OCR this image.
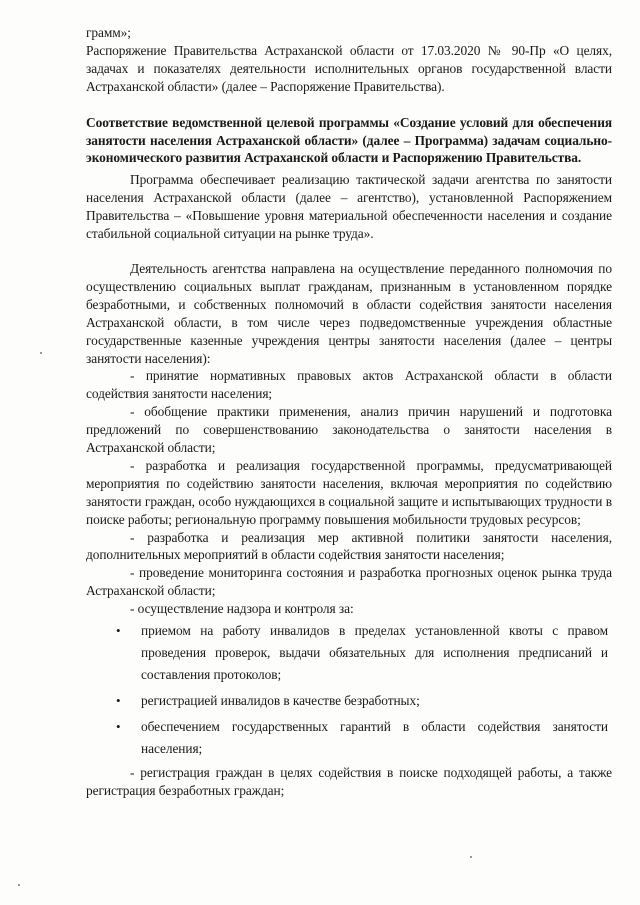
грамм»;

Распоряжение Правительства Астраханской области от 17.03.2020 № 90-Пр «О целях, задачах и показателях деятельности исполнительных органов государственной власти Астраханской области» (далее – Распоряжение Правительства).

Соответствие ведомственной целевой программы «Создание условий для обеспечения занятости населения Астраханской области» (далее – Программа) задачам социально-экономического развития Астраханской области и Распоряжению Правительства.

Программа обеспечивает реализацию тактической задачи агентства по занятости населения Астраханской области (далее – агентство), установленной Распоряжением Правительства – «Повышение уровня материальной обеспеченности населения и создание стабильной социальной ситуации на рынке труда».

Деятельность агентства направлена на осуществление переданного полномочия по осуществлению социальных выплат гражданам, признанным в установленном порядке безработными, и собственных полномочий в области содействия занятости населения Астраханской области, в том числе через подведомственные учреждения областные государственные казенные учреждения центры занятости населения (далее – центры занятости населения):

- принятие нормативных правовых актов Астраханской области в области содействия занятости населения;

- обобщение практики применения, анализ причин нарушений и подготовка предложений по совершенствованию законодательства о занятости населения в Астраханской области;

- разработка и реализация государственной программы, предусматривающей мероприятия по содействию занятости населения, включая мероприятия по содействию занятости граждан, особо нуждающихся в социальной защите и испытывающих трудности в поиске работы; региональную программу повышения мобильности трудовых ресурсов;

- разработка и реализация мер активной политики занятости населения, дополнительных мероприятий в области содействия занятости населения;

- проведение мониторинга состояния и разработка прогнозных оценок рынка труда Астраханской области;

- осуществление надзора и контроля за:

• приемом на работу инвалидов в пределах установленной квоты с правом проведения проверок, выдачи обязательных для исполнения предписаний и составления протоколов;
• регистрацией инвалидов в качестве безработных;
• обеспечением государственных гарантий в области содействия занятости населения;

- регистрация граждан в целях содействия в поиске подходящей работы, а также регистрация безработных граждан;
